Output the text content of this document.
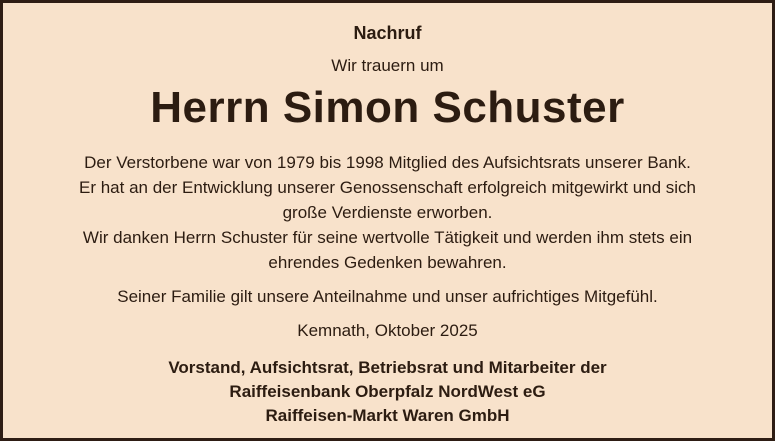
Nachruf
Wir trauern um
Herrn Simon Schuster
Der Verstorbene war von 1979 bis 1998 Mitglied des Aufsichtsrats unserer Bank.
Er hat an der Entwicklung unserer Genossenschaft erfolgreich mitgewirkt und sich
große Verdienste erworben.
Wir danken Herrn Schuster für seine wertvolle Tätigkeit und werden ihm stets ein
ehrendes Gedenken bewahren.
Seiner Familie gilt unsere Anteilnahme und unser aufrichtiges Mitgefühl.
Kemnath, Oktober 2025
Vorstand, Aufsichtsrat, Betriebsrat und Mitarbeiter der
Raiffeisenbank Oberpfalz NordWest eG
Raiffeisen-Markt Waren GmbH
